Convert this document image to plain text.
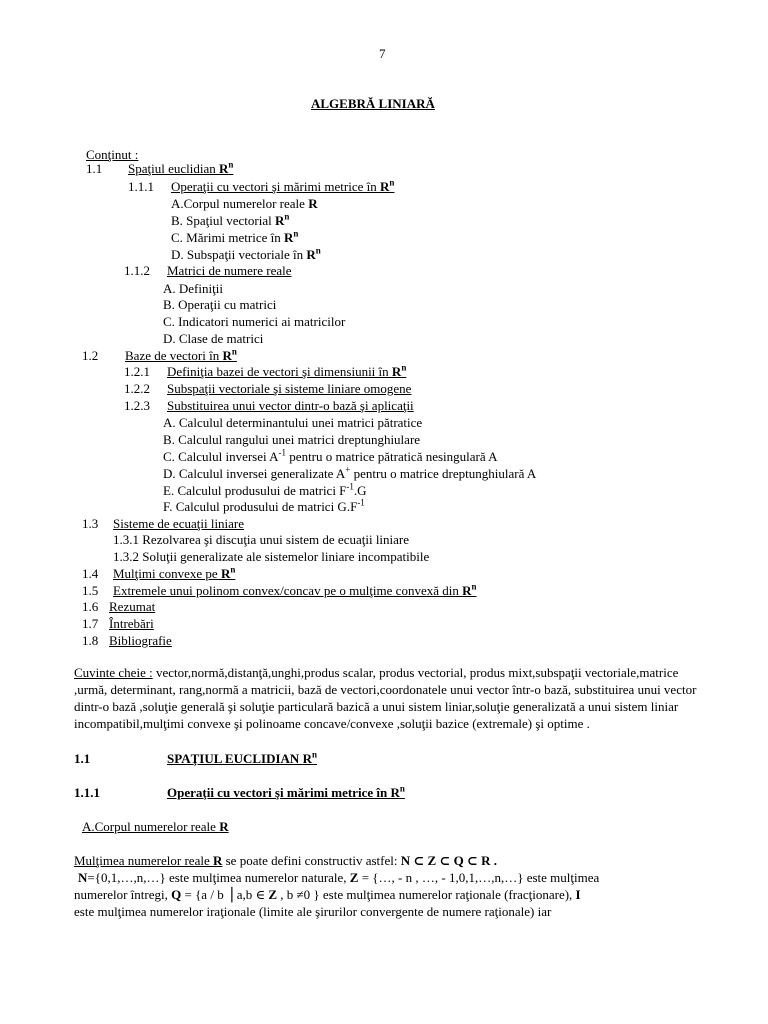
7
ALGEBRĂ LINIARĂ
Conţinut :
1.1 Spaţiul euclidian $R^n$
1.1.1 Operaţii cu vectori şi mărimi metrice în $R^n$
A.Corpul numerelor reale R
B. Spaţiul vectorial $R^n$
C. Mărimi metrice în $R^n$
D. Subspaţii vectoriale în $R^n$
1.1.2 Matrici de numere reale
A. Definiţii
B. Operaţii cu matrici
C. Indicatori numerici ai matricilor
D. Clase de matrici
1.2 Baze de vectori în $R^n$
1.2.1 Definiţia bazei de vectori şi dimensiunii în $R^n$
1.2.2 Subspaţii vectoriale şi sisteme liniare omogene
1.2.3 Substituirea unui vector dintr-o bază şi aplicaţii
A. Calculul determinantului unei matrici pătratice
B. Calculul rangului unei matrici dreptunghiulare
C. Calculul inversei $A^{-1}$ pentru o matrice pătratică nesingulară A
D. Calculul inversei generalizate A+ pentru o matrice dreptunghiulară A
E. Calculul produsului de matrici $F^{-1}.G$
F. Calculul produsului de matrici $G.F^{-1}$
1.3 Sisteme de ecuaţii liniare
1.3.1 Rezolvarea şi discuţia unui sistem de ecuaţii liniare
1.3.2 Soluţii generalizate ale sistemelor liniare incompatibile
1.4 Mulţimi convexe pe $R^n$
1.5 Extremele unui polinom convex/concav pe o mulţime convexă din $R^n$
1.6 Rezumat
1.7 Întrebări
1.8 Bibliografie
Cuvinte cheie : vector,normă,distanţă,unghi,produs scalar, produs vectorial, produs mixt,subspaţii vectoriale,matrice ,urmă, determinant, rang,normă a matricii, bază de vectori,coordonatele unui vector într-o bază, substituirea unui vector dintr-o bază ,soluţie generală şi soluţie particulară bazică a unui sistem liniar,soluţie generalizată a unui sistem liniar incompatibil,mulţimi convexe şi polinoame concave/convexe ,soluţii bazice (extremale) şi optime .
1.1	SPAŢIUL EUCLIDIAN $R^n$
1.1.1	Operaţii cu vectori şi mărimi metrice în $R^n$
A.Corpul numerelor reale R
Mulţimea numerelor reale R se poate defini constructiv astfel: N ⊂ Z ⊂ Q ⊂ R .
N={0,1,…,n,…} este mulţimea numerelor naturale, Z = {…, - n , …, - 1,0,1,…,n,…} este mulţimea
numerelor întregi, Q = {a / b ⎪a,b ∈ Z , b ≠0 } este mulţimea numerelor raţionale (fracţionare), I
este mulţimea numerelor iraţionale (limite ale şirurilor convergente de numere raţionale) iar
